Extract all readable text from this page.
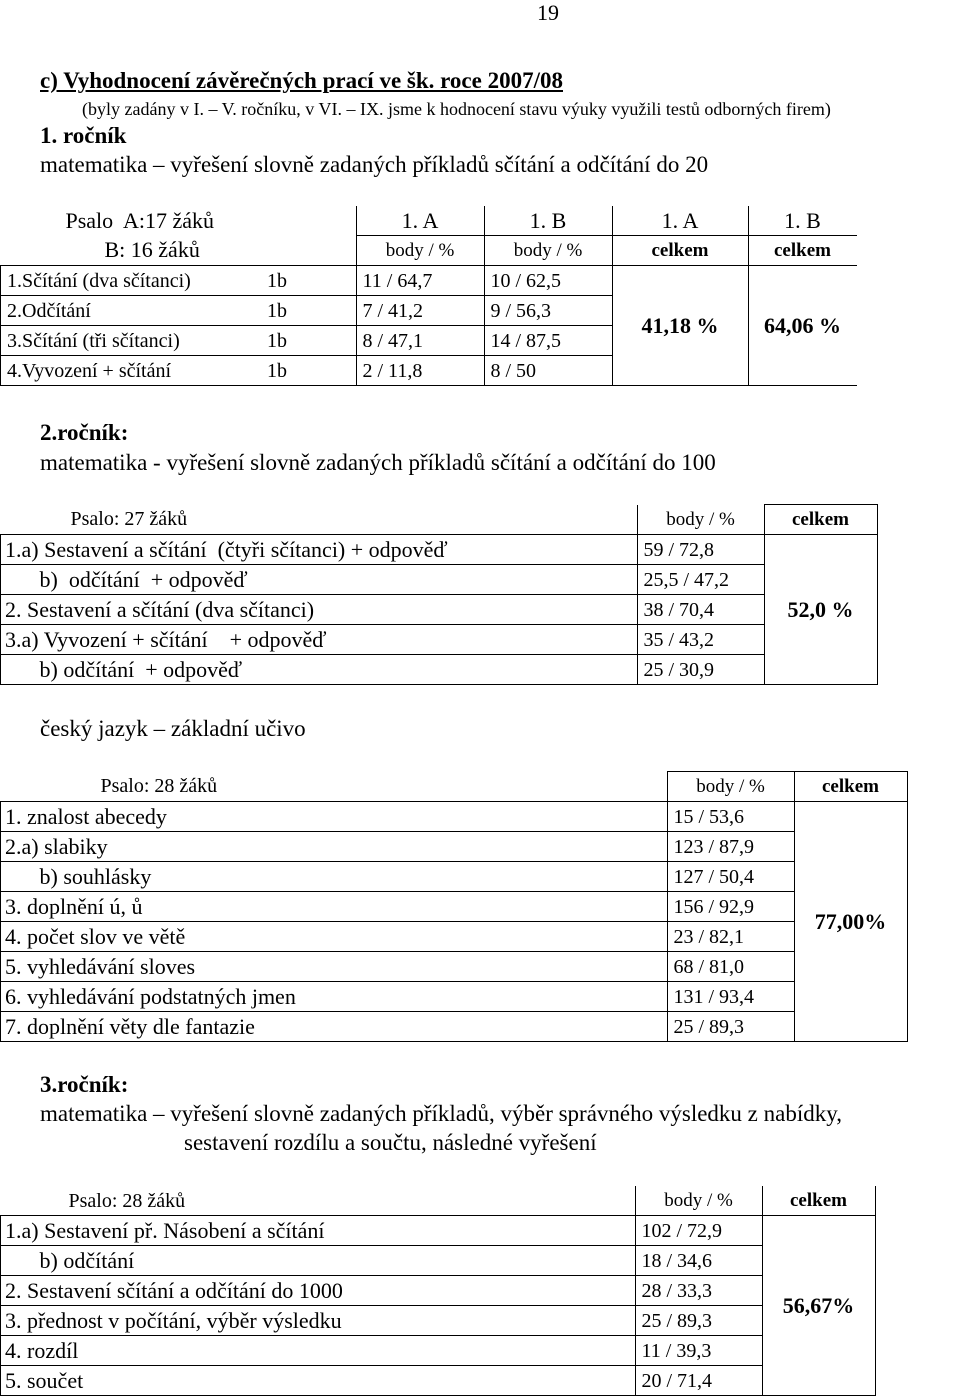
19
c) Vyhodnocení závěrečných prací ve šk. roce 2007/08
(byly zadány v I. – V. ročníku, v VI. – IX. jsme k hodnocení stavu výuky využili testů odborných firem)
1. ročník
matematika – vyřešení slovně zadaných příkladů sčítání a odčítání do 20
Psalo  A:17 žáků	1. A	1. B	1. A	1. B
B: 16 žáků	body / %	body / %	celkem	celkem
1.Sčítání (dva sčítanci) 1b	11 / 64,7	10 / 62,5	41,18 %	64,06 %
2.Odčítání 1b	7 / 41,2	9 / 56,3		
3.Sčítání (tři sčítanci) 1b	8 / 47,1	14 / 87,5		
4.Vyvození + sčítání 1b	2 / 11,8	8 / 50		
2.ročník:
matematika - vyřešení slovně zadaných příkladů sčítání a odčítání do 100
Psalo: 27 žáků	body / %	celkem
1.a) Sestavení a sčítání  (čtyři sčítanci) + odpověď	59 / 72,8	52,0 %
b)  odčítání  + odpověď	25,5 / 47,2	
2. Sestavení a sčítání (dva sčítanci)	38 / 70,4	
3.a) Vyvození + sčítání    + odpověď	35 / 43,2	
b) odčítání  + odpověď	25 / 30,9	
český jazyk – základní učivo
Psalo: 28 žáků	body / %	celkem
1. znalost abecedy	15 / 53,6	77,00%
2.a) slabiky	123 / 87,9	
b) souhlásky	127 / 50,4	
3. doplnění ú, ů	156 / 92,9	
4. počet slov ve větě	23 / 82,1	
5. vyhledávání sloves	68 / 81,0	
6. vyhledávání podstatných jmen	131 / 93,4	
7. doplnění věty dle fantazie	25 / 89,3	
3.ročník:
matematika – vyřešení slovně zadaných příkladů, výběr správného výsledku z nabídky,
sestavení rozdílu a součtu, následné vyřešení
Psalo: 28 žáků	body / %	celkem
1.a) Sestavení př. Násobení a sčítání	102 / 72,9	56,67%
b) odčítání	18 / 34,6	
2. Sestavení sčítání a odčítání do 1000	28 / 33,3	
3. přednost v počítání, výběr výsledku	25 / 89,3	
4. rozdíl	11 / 39,3	
5. součet	20 / 71,4	
